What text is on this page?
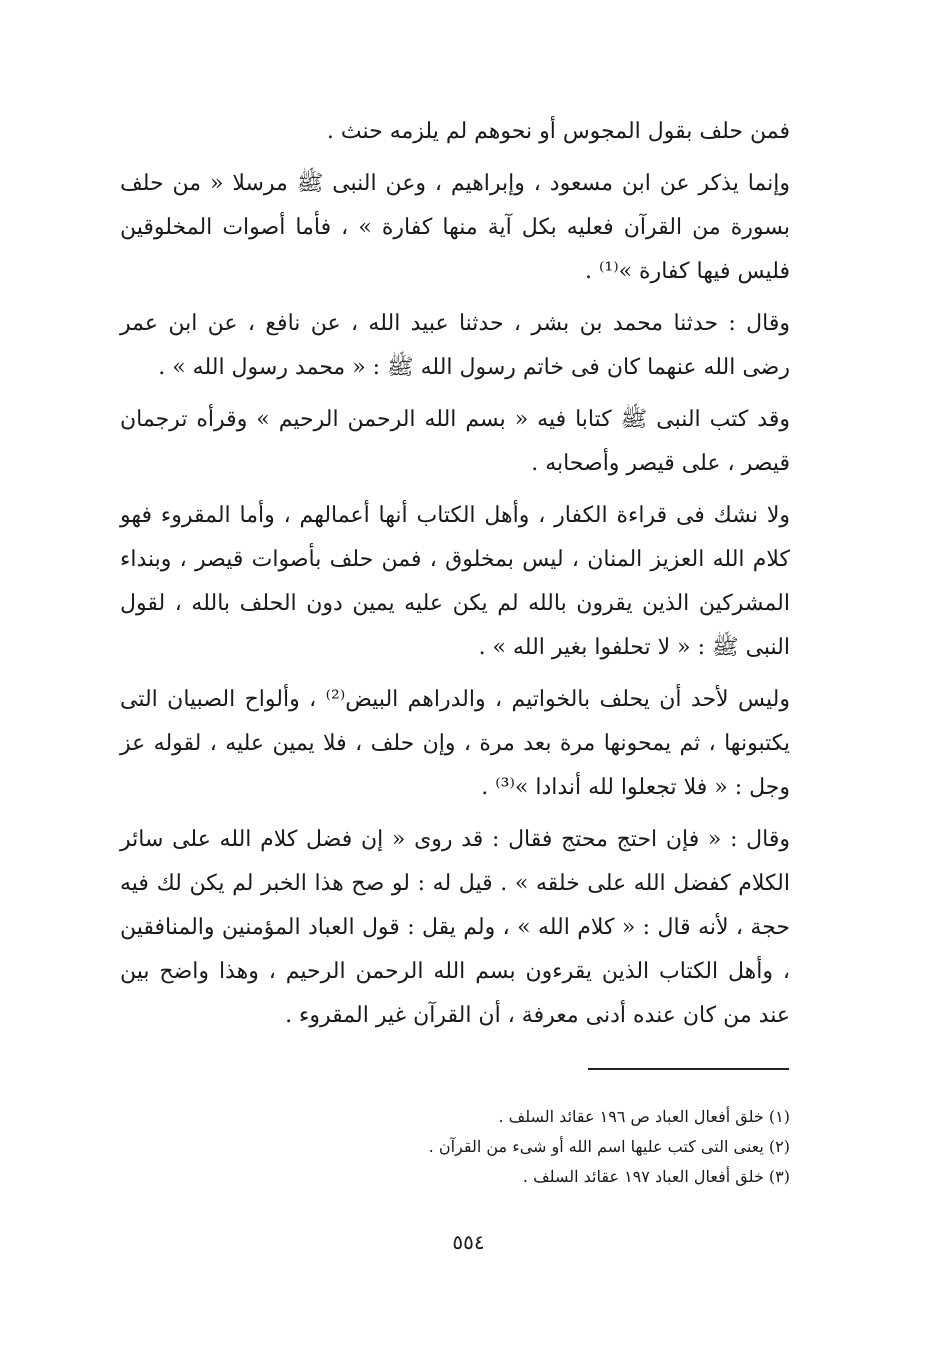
فمن حلف بقول المجوس أو نحوهم لم يلزمه حنث .

وإنما يذكر عن ابن مسعود ، وإبراهيم ، وعن النبى ﷺ مرسلا « من حلف بسورة من القرآن فعليه بكل آية منها كفارة » ، فأما أصوات المخلوقين فليس فيها كفارة »⁽¹⁾ .

وقال : حدثنا محمد بن بشر ، حدثنا عبيد الله ، عن نافع ، عن ابن عمر رضى الله عنهما كان فى خاتم رسول الله ﷺ : « محمد رسول الله » .

وقد كتب النبى ﷺ كتابا فيه « بسم الله الرحمن الرحيم » وقرأه ترجمان قيصر ، على قيصر وأصحابه .

ولا نشك فى قراءة الكفار ، وأهل الكتاب أنها أعمالهم ، وأما المقروء فهو كلام الله العزيز المنان ، ليس بمخلوق ، فمن حلف بأصوات قيصر ، وبنداء المشركين الذين يقرون بالله لم يكن عليه يمين دون الحلف بالله ، لقول النبى ﷺ : « لا تحلفوا بغير الله » .

وليس لأحد أن يحلف بالخواتيم ، والدراهم البيض⁽²⁾ ، وألواح الصبيان التى يكتبونها ، ثم يمحونها مرة بعد مرة ، وإن حلف ، فلا يمين عليه ، لقوله عز وجل : « فلا تجعلوا لله أندادا »⁽³⁾ .

وقال : « فإن احتج محتج فقال : قد روى « إن فضل كلام الله على سائر الكلام كفضل الله على خلقه » . قيل له : لو صح هذا الخبر لم يكن لك فيه حجة ، لأنه قال : « كلام الله » ، ولم يقل : قول العباد المؤمنين والمنافقين ، وأهل الكتاب الذين يقرءون بسم الله الرحمن الرحيم ، وهذا واضح بين عند من كان عنده أدنى معرفة ، أن القرآن غير المقروء .

(١) خلق أفعال العباد ص ١٩٦ عقائد السلف .

(٢) يعنى التى كتب عليها اسم الله أو شىء من القرآن .

(٣) خلق أفعال العباد ١٩٧ عقائد السلف .

٥٥٤
